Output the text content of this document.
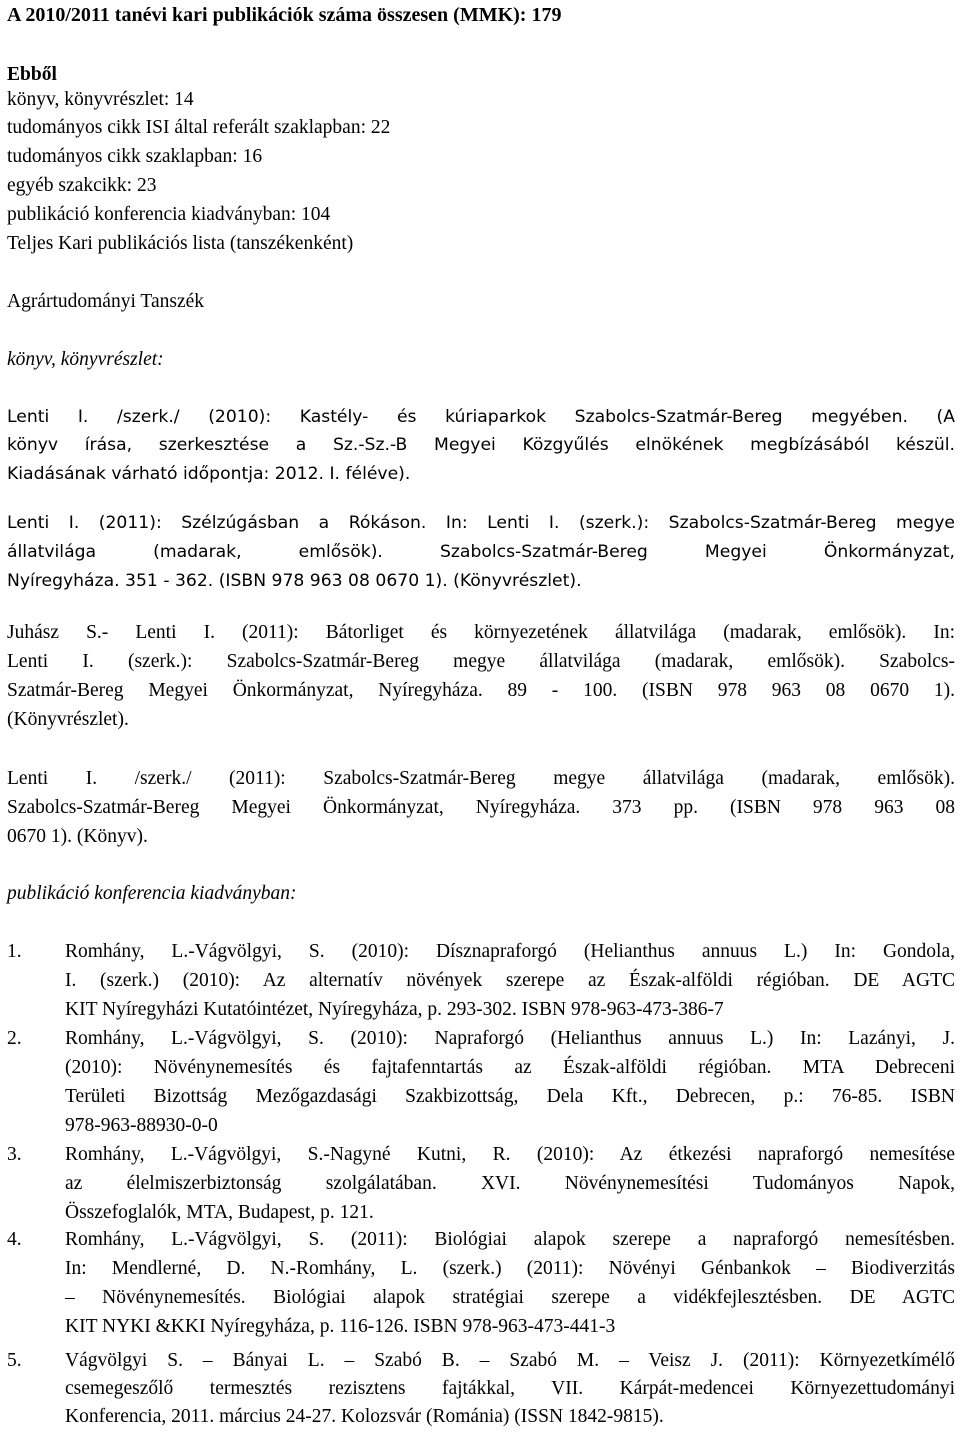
A 2010/2011 tanévi kari publikációk száma összesen (MMK): 179
Ebből
könyv, könyvrészlet: 14
tudományos cikk ISI által referált szaklapban: 22
tudományos cikk szaklapban: 16
egyéb szakcikk: 23
publikáció konferencia kiadványban: 104
Teljes Kari publikációs lista (tanszékenként)
Agrártudományi Tanszék
könyv, könyvrészlet:
Lenti I. /szerk./ (2010): Kastély- és kúriaparkok Szabolcs-Szatmár-Bereg megyében. (A
könyv írása, szerkesztése a Sz.-Sz.-B Megyei Közgyűlés elnökének megbízásából készül.
Kiadásának várható időpontja: 2012. I. féléve).
Lenti I. (2011): Szélzúgásban a Rókáson. In: Lenti I. (szerk.): Szabolcs-Szatmár-Bereg megye
állatvilága (madarak, emlősök). Szabolcs-Szatmár-Bereg Megyei Önkormányzat,
Nyíregyháza. 351 - 362. (ISBN 978 963 08 0670 1). (Könyvrészlet).
Juhász S.- Lenti I. (2011): Bátorliget és környezetének állatvilága (madarak, emlősök). In:
Lenti I. (szerk.): Szabolcs-Szatmár-Bereg megye állatvilága (madarak, emlősök). Szabolcs-
Szatmár-Bereg Megyei Önkormányzat, Nyíregyháza. 89 - 100. (ISBN 978 963 08 0670 1).
(Könyvrészlet).
Lenti I. /szerk./ (2011): Szabolcs-Szatmár-Bereg megye állatvilága (madarak, emlősök).
Szabolcs-Szatmár-Bereg Megyei Önkormányzat, Nyíregyháza. 373 pp. (ISBN 978 963 08
0670 1). (Könyv).
publikáció konferencia kiadványban:
1. Romhány, L.-Vágvölgyi, S. (2010): Dísznapraforgó (Helianthus annuus L.) In: Gondola,
I. (szerk.) (2010): Az alternatív növények szerepe az Észak-alföldi régióban. DE AGTC
KIT Nyíregyházi Kutatóintézet, Nyíregyháza, p. 293-302. ISBN 978-963-473-386-7
2. Romhány, L.-Vágvölgyi, S. (2010): Napraforgó (Helianthus annuus L.) In: Lazányi, J.
(2010): Növénynemesítés és fajtafenntartás az Észak-alföldi régióban. MTA Debreceni
Területi Bizottság Mezőgazdasági Szakbizottság, Dela Kft., Debrecen, p.: 76-85. ISBN
978-963-88930-0-0
3. Romhány, L.-Vágvölgyi, S.-Nagyné Kutni, R. (2010): Az étkezési napraforgó nemesítése
az élelmiszerbiztonság szolgálatában. XVI. Növénynemesítési Tudományos Napok,
Összefoglalók, MTA, Budapest, p. 121.
4. Romhány, L.-Vágvölgyi, S. (2011): Biológiai alapok szerepe a napraforgó nemesítésben.
In: Mendlerné, D. N.-Romhány, L. (szerk.) (2011): Növényi Génbankok – Biodiverzitás
– Növénynemesítés. Biológiai alapok stratégiai szerepe a vidékfejlesztésben. DE AGTC
KIT NYKI &KKI Nyíregyháza, p. 116-126. ISBN 978-963-473-441-3
5. Vágvölgyi S. – Bányai L. – Szabó B. – Szabó M. – Veisz J. (2011): Környezetkímélő
csemegeszőlő termesztés rezisztens fajtákkal, VII. Kárpát-medencei Környezettudományi
Konferencia, 2011. március 24-27. Kolozsvár (Románia) (ISSN 1842-9815).
